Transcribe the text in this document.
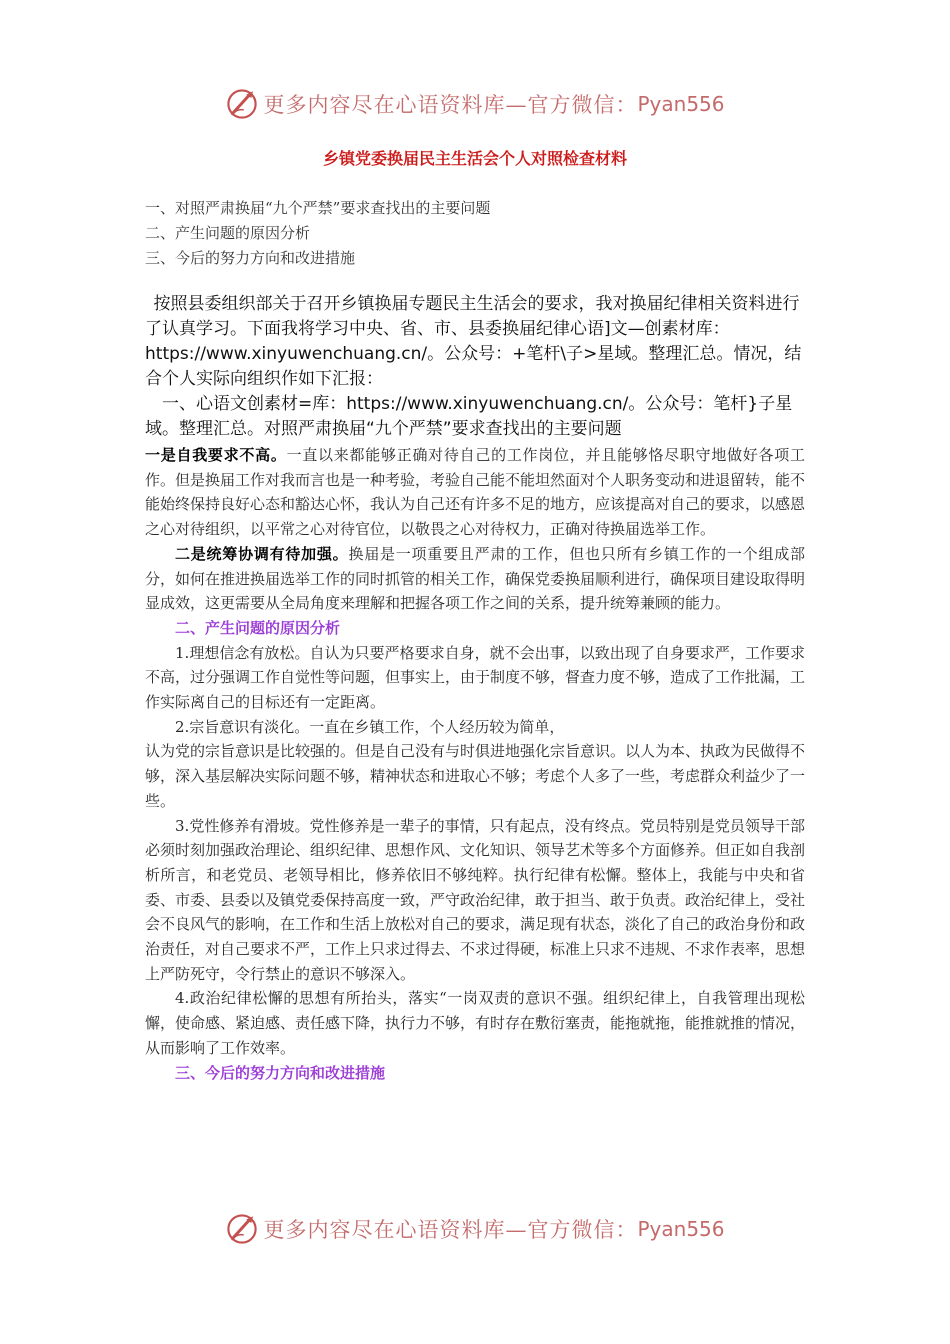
更多内容尽在心语资料库—官方微信： Pyan556
乡镇党委换届民主生活会个人对照检查材料
一、对照严肃换届“九个严禁”要求查找出的主要问题
二、产生问题的原因分析
三、今后的努力方向和改进措施

按照县委组织部关于召开乡镇换届专题民主生活会的要求，我对换届纪律相关资料进行了认真学习。下面我将学习中央、省、市、县委换届纪律心语]文—创素材库：https://www.xinyuwenchuang.cn/。公众号：+笔杆\子>星域。整理汇总。情况，结合个人实际向组织作如下汇报：

一、心语文创素材=库：https://www.xinyuwenchuang.cn/。公众号：笔杆}子星域。整理汇总。对照严肃换届“九个严禁”要求查找出的主要问题

一是自我要求不高。一直以来都能够正确对待自己的工作岗位，并且能够恪尽职守地做好各项工作。但是换届工作对我而言也是一种考验，考验自己能不能坦然面对个人职务变动和进退留转，能不能始终保持良好心态和豁达心怀，我认为自己还有许多不足的地方，应该提高对自己的要求，以感恩之心对待组织，以平常之心对待官位，以敬畏之心对待权力，正确对待换届选举工作。

二是统筹协调有待加强。换届是一项重要且严肃的工作，但也只所有乡镇工作的一个组成部分，如何在推进换届选举工作的同时抓管的相关工作，确保党委换届顺利进行，确保项目建设取得明显成效，这更需要从全局角度来理解和把握各项工作之间的关系，提升统筹兼顾的能力。

二、产生问题的原因分析

1.理想信念有放松。自认为只要严格要求自身，就不会出事，以致出现了自身要求严，工作要求不高，过分强调工作自觉性等问题，但事实上，由于制度不够，督查力度不够，造成了工作批漏，工作实际离自己的目标还有一定距离。

2.宗旨意识有淡化。一直在乡镇工作，个人经历较为简单，

认为党的宗旨意识是比较强的。但是自己没有与时俱进地强化宗旨意识。以人为本、执政为民做得不够，深入基层解决实际问题不够，精神状态和进取心不够；考虑个人多了一些，考虑群众利益少了一些。

3.党性修养有滑坡。党性修养是一辈子的事情，只有起点，没有终点。党员特别是党员领导干部必须时刻加强政治理论、组织纪律、思想作风、文化知识、领导艺术等多个方面修养。但正如自我剖析所言，和老党员、老领导相比，修养依旧不够纯粹。执行纪律有松懈。整体上，我能与中央和省委、市委、县委以及镇党委保持高度一致，严守政治纪律，敢于担当、敢于负责。政治纪律上，受社会不良风气的影响，在工作和生活上放松对自己的要求，满足现有状态，淡化了自己的政治身份和政治责任，对自己要求不严，工作上只求过得去、不求过得硬，标准上只求不违规、不求作表率，思想上严防死守，令行禁止的意识不够深入。

4.政治纪律松懈的思想有所抬头，落实“一岗双责的意识不强。组织纪律上，自我管理出现松懈，使命感、紧迫感、责任感下降，执行力不够，有时存在敷衍塞责，能拖就拖，能推就推的情况，从而影响了工作效率。

三、今后的努力方向和改进措施

更多内容尽在心语资料库—官方微信： Pyan556
